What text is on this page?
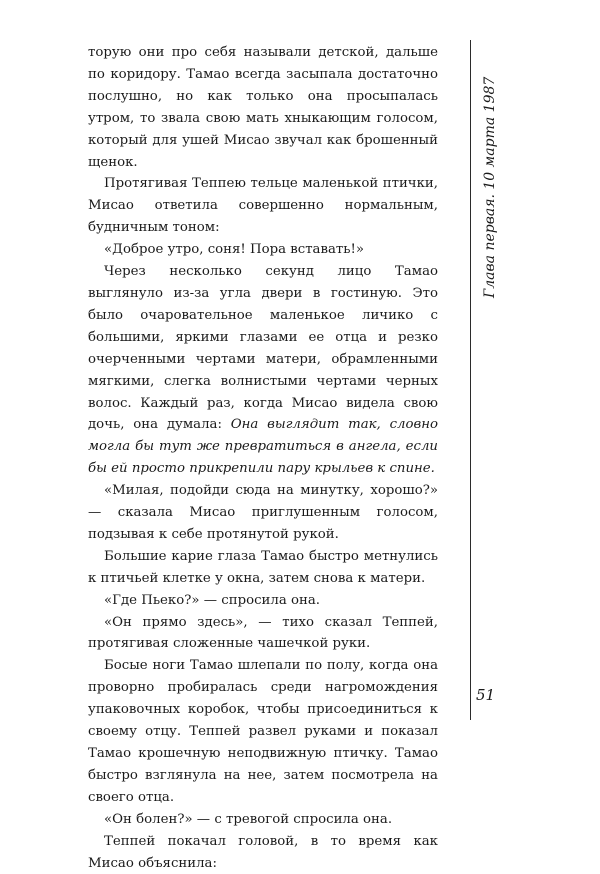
торую они про себя называли детской, дальше по коридору. Тамао всегда засыпала достаточно послушно, но как только она просыпалась утром, то звала свою мать хныкающим голосом, который для ушей Мисао звучал как брошенный щенок.

Протягивая Теппею тельце маленькой птички, Мисао ответила совершенно нормальным, будничным тоном:

«Доброе утро, соня! Пора вставать!»

Через несколько секунд лицо Тамао выглянуло из-за угла двери в гостиную. Это было очаровательное маленькое личико с большими, яркими глазами ее отца и резко очерченными чертами матери, обрамленными мягкими, слегка волнистыми чертами черных волос. Каждый раз, когда Мисао видела свою дочь, она думала: Она выглядит так, словно могла бы тут же превратиться в ангела, если бы ей просто прикрепили пару крыльев к спине.

«Милая, подойди сюда на минутку, хорошо?» — сказала Мисао приглушенным голосом, подзывая к себе протянутой рукой.

Большие карие глаза Тамао быстро метнулись к птичьей клетке у окна, затем снова к матери.

«Где Пьеко?» — спросила она.

«Он прямо здесь», — тихо сказал Теппей, протягивая сложенные чашечкой руки.

Босые ноги Тамао шлепали по полу, когда она проворно пробиралась среди нагромождения упаковочных коробок, чтобы присоединиться к своему отцу. Теппей развел руками и показал Тамао крошечную неподвижную птичку. Тамао быстро взглянула на нее, затем посмотрела на своего отца.

«Он болен?» — с тревогой спросила она.

Теппей покачал головой, в то время как Мисао объяснила:

Глава первая. 10 марта 1987
51
